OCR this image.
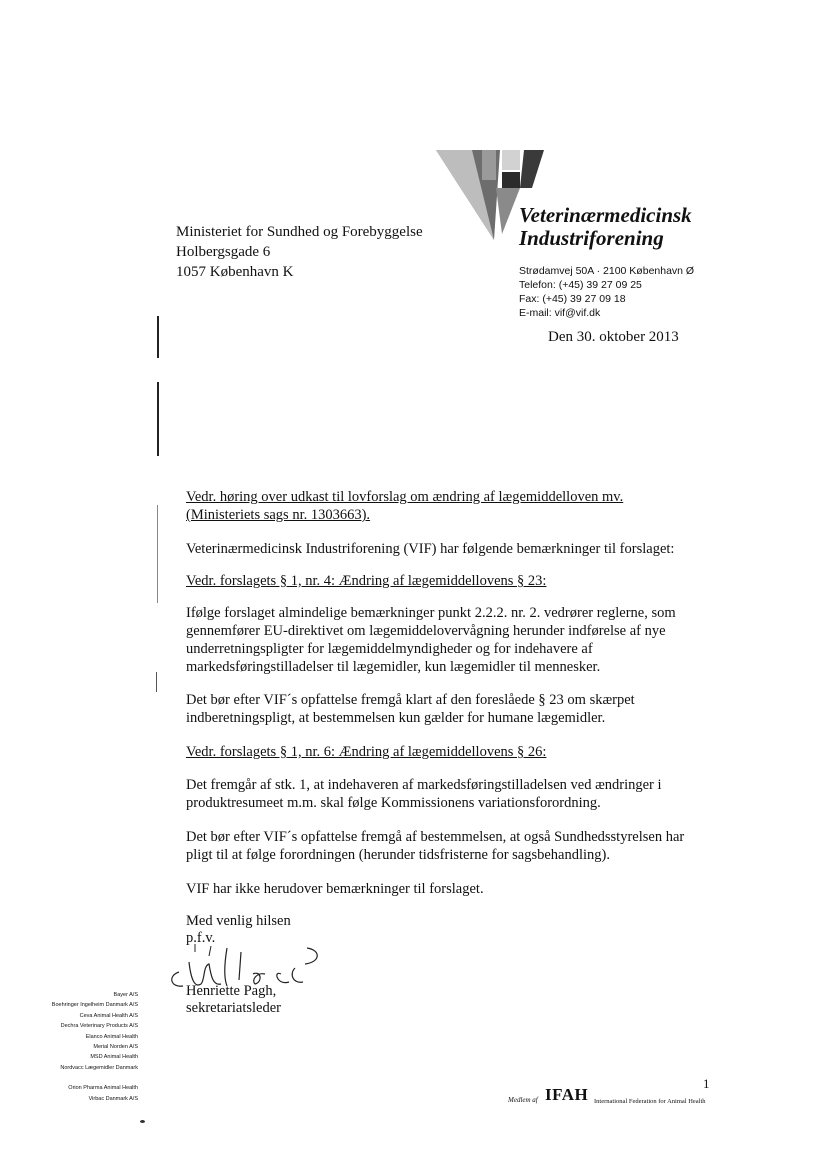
Ministeriet for Sundhed og Forebyggelse
Holbergsgade 6
1057 København K
Veterinærmedicinsk
Industriforening
Strødamvej 50A · 2100 København Ø
Telefon: (+45) 39 27 09 25
Fax: (+45) 39 27 09 18
E-mail: vif@vif.dk
Den 30. oktober 2013
Vedr. høring over udkast til lovforslag om ændring af lægemiddelloven mv.
(Ministeriets sags nr. 1303663).
Veterinærmedicinsk Industriforening (VIF) har følgende bemærkninger til forslaget:
Vedr. forslagets § 1, nr. 4: Ændring af lægemiddellovens § 23:
Ifølge forslaget almindelige bemærkninger punkt 2.2.2. nr. 2. vedrører reglerne, som
gennemfører EU-direktivet om lægemiddelovervågning herunder indførelse af nye
underretningspligter for lægemiddelmyndigheder og for indehavere af
markedsføringstilladelser til lægemidler, kun lægemidler til mennesker.
Det bør efter VIF´s opfattelse fremgå klart af den foreslåede § 23 om skærpet
indberetningspligt, at bestemmelsen kun gælder for humane lægemidler.
Vedr. forslagets § 1, nr. 6: Ændring af lægemiddellovens § 26:
Det fremgår af stk. 1, at indehaveren af markedsføringstilladelsen ved ændringer i
produktresumeet m.m. skal følge Kommissionens variationsforordning.
Det bør efter VIF´s opfattelse fremgå af bestemmelsen, at også Sundhedsstyrelsen har
pligt til at følge forordningen (herunder tidsfristerne for sagsbehandling).
VIF har ikke herudover bemærkninger til forslaget.
Med venlig hilsen
p.f.v.
Henriette Pagh,
sekretariatsleder
Bayer A/S
Boehringer Ingelheim Danmark A/S
Ceva Animal Health A/S
Dechra Veterinary Products A/S
Elanco Animal Health
Merial Norden A/S
MSD Animal Health
Nordvacc Lægemidler Danmark
Orion Pharma Animal Health
Virbac Danmark A/S
1
Medlem af IFAH International Federation for Animal Health
